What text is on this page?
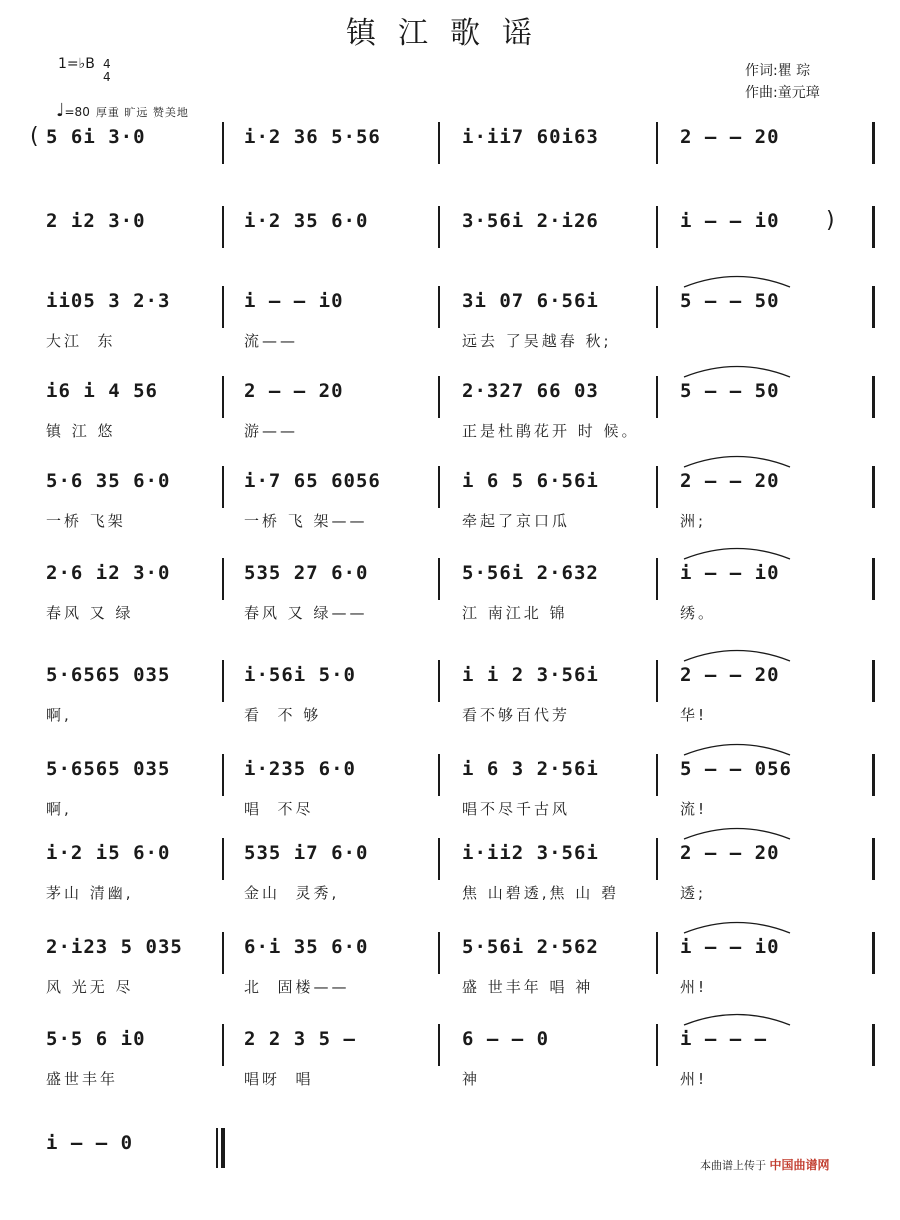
镇江歌谣
作词:瞿 琮
作曲:童元璋
1=♭B 4
4
♩=80 厚重 旷远 赞美地
( 5 6i 3·0	i·2 36 5·56	i·ii7 60i63	2 – – 20
2 i2 3·0	i·2 35 6·0	3·56i 2·i26	i – – i0 )
ii05 3 2·3
大江  东
i – – i0
流——
3i 07 6·56i
远去 了吴越春 秋;
5 – – 50
i6 i 4 56
镇 江 悠
2 – – 20
游——
2·327 66 03
正是杜鹃花开 时 候。
5 – – 50
5·6 35 6·0
一桥 飞架
i·7 65 6056
一桥 飞 架——
i 6 5 6·56i
牵起了京口瓜
2 – – 20
洲;
2·6 i2 3·0
春风 又 绿
535 27 6·0
春风 又 绿——
5·56i 2·632
江 南江北 锦
i – – i0
绣。
5·6565 035
啊,
i·56i 5·0
看  不 够
i i 2 3·56i
看不够百代芳
2 – – 20
华!
5·6565 035
啊,
i·235 6·0
唱  不尽
i 6 3 2·56i
唱不尽千古风
5 – – 056
流!
i·2 i5 6·0
茅山 清幽,
535 i7 6·0
金山  灵秀,
i·ii2 3·56i
焦 山碧透,焦 山 碧
2 – – 20
透;
2·i23 5 035
风 光无 尽
6·i 35 6·0
北  固楼——
5·56i 2·562
盛 世丰年 唱 神
i – – i0
州!
5·5 6 i0
盛世丰年
2 2 3 5 –
唱呀  唱
6 – – 0
神
i – – –
州!
i – – 0
本曲谱上传于 中国曲谱网
